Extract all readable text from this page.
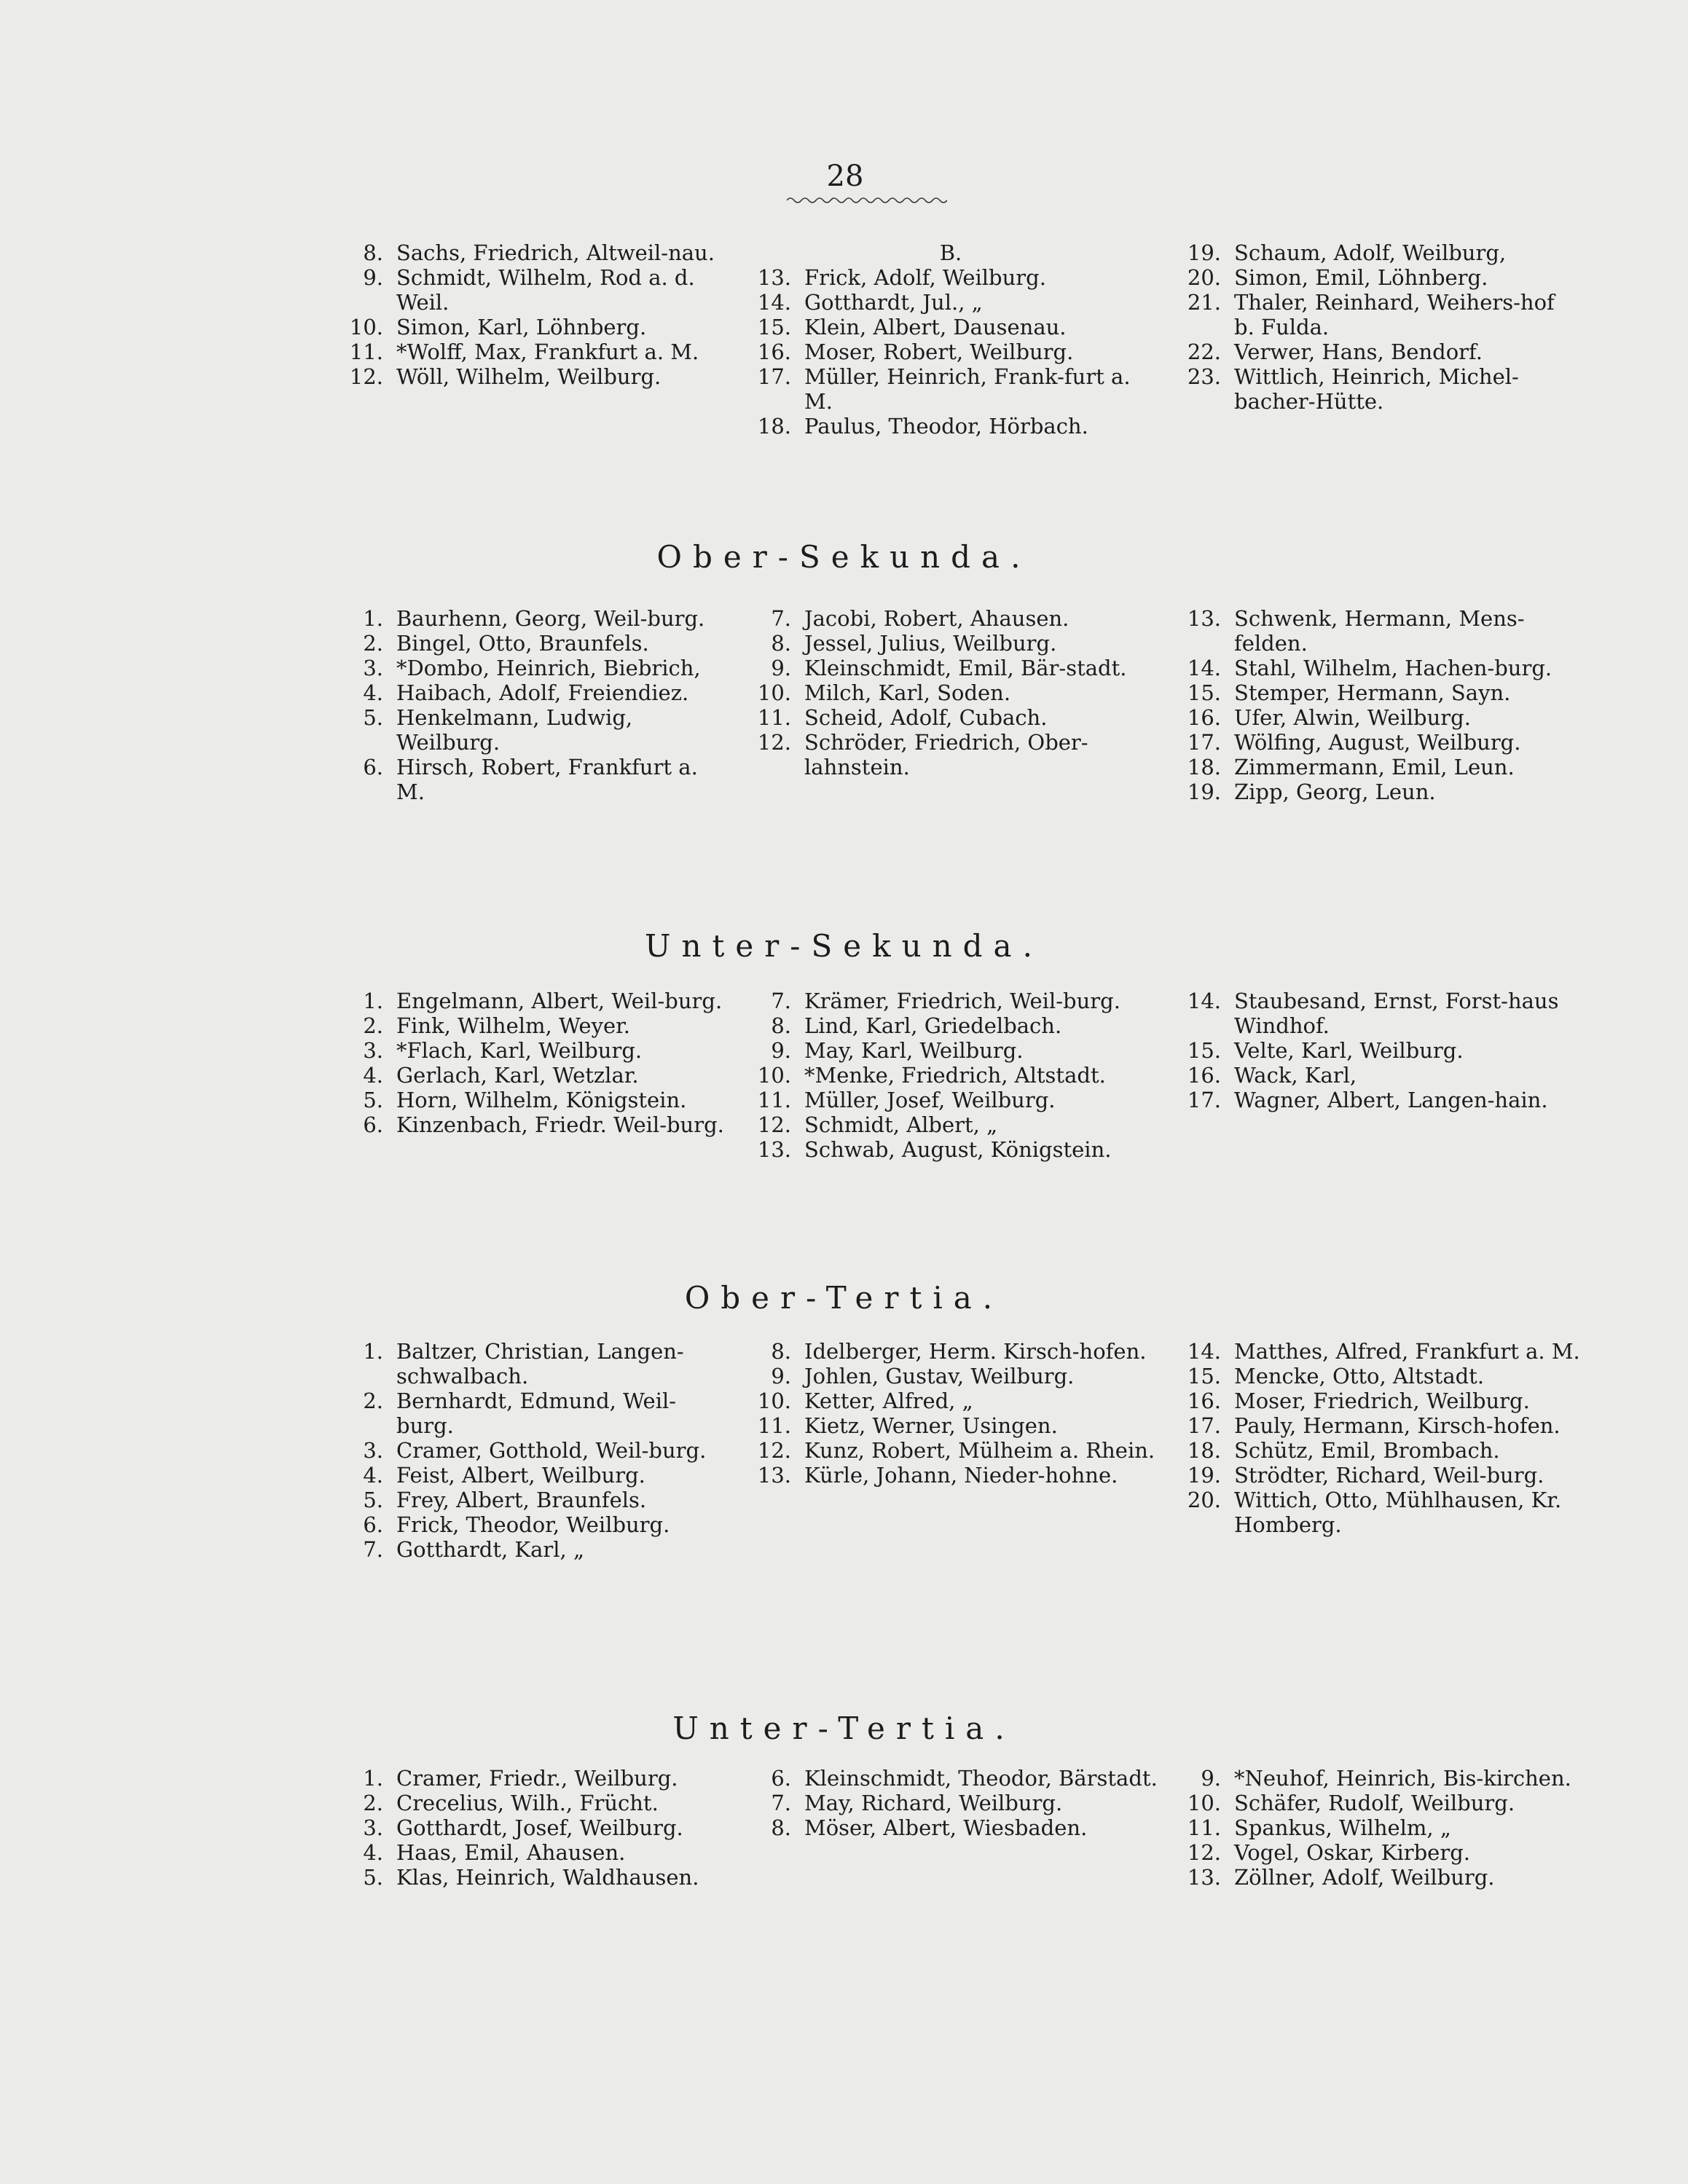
28
8. Sachs, Friedrich, Altweil-nau.
9. Schmidt, Wilhelm, Rod a. d. Weil.
10. Simon, Karl, Löhnberg.
11. *Wolff, Max, Frankfurt a. M.
12. Wöll, Wilhelm, Weilburg.
B.
13. Frick, Adolf, Weilburg.
14. Gotthardt, Jul., „
15. Klein, Albert, Dausenau.
16. Moser, Robert, Weilburg.
17. Müller, Heinrich, Frank-furt a. M.
18. Paulus, Theodor, Hörbach.
19. Schaum, Adolf, Weilburg,
20. Simon, Emil, Löhnberg.
21. Thaler, Reinhard, Weihers-hof b. Fulda.
22. Verwer, Hans, Bendorf.
23. Wittlich, Heinrich, Michel-bacher-Hütte.
Ober-Sekunda.
1. Baurhenn, Georg, Weil-burg.
2. Bingel, Otto, Braunfels.
3. *Dombo, Heinrich, Biebrich,
4. Haibach, Adolf, Freiendiez.
5. Henkelmann, Ludwig, Weilburg.
6. Hirsch, Robert, Frankfurt a. M.
7. Jacobi, Robert, Ahausen.
8. Jessel, Julius, Weilburg.
9. Kleinschmidt, Emil, Bär-stadt.
10. Milch, Karl, Soden.
11. Scheid, Adolf, Cubach.
12. Schröder, Friedrich, Ober-lahnstein.
13. Schwenk, Hermann, Mens-felden.
14. Stahl, Wilhelm, Hachen-burg.
15. Stemper, Hermann, Sayn.
16. Ufer, Alwin, Weilburg.
17. Wölfing, August, Weilburg.
18. Zimmermann, Emil, Leun.
19. Zipp, Georg, Leun.
Unter-Sekunda.
1. Engelmann, Albert, Weil-burg.
2. Fink, Wilhelm, Weyer.
3. *Flach, Karl, Weilburg.
4. Gerlach, Karl, Wetzlar.
5. Horn, Wilhelm, Königstein.
6. Kinzenbach, Friedr. Weil-burg.
7. Krämer, Friedrich, Weil-burg.
8. Lind, Karl, Griedelbach.
9. May, Karl, Weilburg.
10. *Menke, Friedrich, Altstadt.
11. Müller, Josef, Weilburg.
12. Schmidt, Albert, „
13. Schwab, August, Königstein.
14. Staubesand, Ernst, Forst-haus Windhof.
15. Velte, Karl, Weilburg.
16. Wack, Karl,
17. Wagner, Albert, Langen-hain.
Ober-Tertia.
1. Baltzer, Christian, Langen-schwalbach.
2. Bernhardt, Edmund, Weil-burg.
3. Cramer, Gotthold, Weil-burg.
4. Feist, Albert, Weilburg.
5. Frey, Albert, Braunfels.
6. Frick, Theodor, Weilburg.
7. Gotthardt, Karl, „
8. Idelberger, Herm. Kirsch-hofen.
9. Johlen, Gustav, Weilburg.
10. Ketter, Alfred, „
11. Kietz, Werner, Usingen.
12. Kunz, Robert, Mülheim a. Rhein.
13. Kürle, Johann, Nieder-hohne.
14. Matthes, Alfred, Frankfurt a. M.
15. Mencke, Otto, Altstadt.
16. Moser, Friedrich, Weilburg.
17. Pauly, Hermann, Kirsch-hofen.
18. Schütz, Emil, Brombach.
19. Strödter, Richard, Weil-burg.
20. Wittich, Otto, Mühlhausen, Kr. Homberg.
Unter-Tertia.
1. Cramer, Friedr., Weilburg.
2. Crecelius, Wilh., Frücht.
3. Gotthardt, Josef, Weilburg.
4. Haas, Emil, Ahausen.
5. Klas, Heinrich, Waldhausen.
6. Kleinschmidt, Theodor, Bärstadt.
7. May, Richard, Weilburg.
8. Möser, Albert, Wiesbaden.
9. *Neuhof, Heinrich, Bis-kirchen.
10. Schäfer, Rudolf, Weilburg.
11. Spankus, Wilhelm, „
12. Vogel, Oskar, Kirberg.
13. Zöllner, Adolf, Weilburg.
